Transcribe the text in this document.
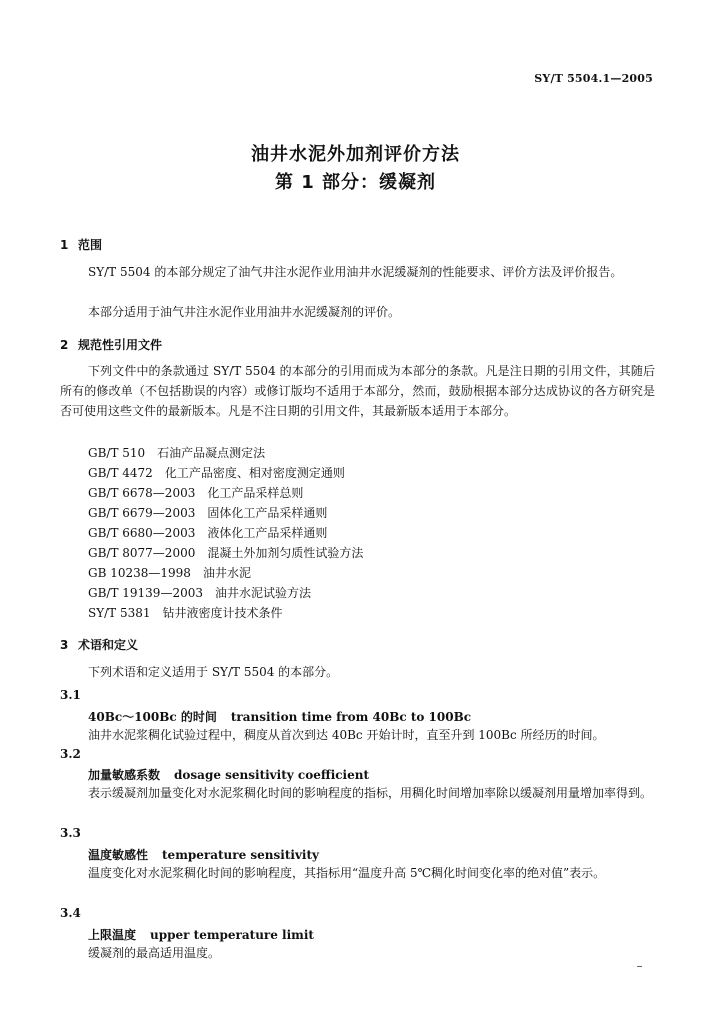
SY/T 5504.1—2005
油井水泥外加剂评价方法
第 1 部分：缓凝剂
1 范围
SY/T 5504 的本部分规定了油气井注水泥作业用油井水泥缓凝剂的性能要求、评价方法及评价报告。
本部分适用于油气井注水泥作业用油井水泥缓凝剂的评价。
2 规范性引用文件
下列文件中的条款通过 SY/T 5504 的本部分的引用而成为本部分的条款。凡是注日期的引用文件，其随后所有的修改单（不包括勘误的内容）或修订版均不适用于本部分，然而，鼓励根据本部分达成协议的各方研究是否可使用这些文件的最新版本。凡是不注日期的引用文件，其最新版本适用于本部分。
GB/T 510 石油产品凝点测定法
GB/T 4472 化工产品密度、相对密度测定通则
GB/T 6678—2003 化工产品采样总则
GB/T 6679—2003 固体化工产品采样通则
GB/T 6680—2003 液体化工产品采样通则
GB/T 8077—2000 混凝土外加剂匀质性试验方法
GB 10238—1998 油井水泥
GB/T 19139—2003 油井水泥试验方法
SY/T 5381 钻井液密度计技术条件
3 术语和定义
下列术语和定义适用于 SY/T 5504 的本部分。
3.1
40Bc～100Bc 的时间 transition time from 40Bc to 100Bc
油井水泥浆稠化试验过程中，稠度从首次到达 40Bc 开始计时，直至升到 100Bc 所经历的时间。
3.2
加量敏感系数 dosage sensitivity coefficient
表示缓凝剂加量变化对水泥浆稠化时间的影响程度的指标，用稠化时间增加率除以缓凝剂用量增加率得到。
3.3
温度敏感性 temperature sensitivity
温度变化对水泥浆稠化时间的影响程度，其指标用“温度升高 5℃稠化时间变化率的绝对值”表示。
3.4
上限温度 upper temperature limit
缓凝剂的最高适用温度。
